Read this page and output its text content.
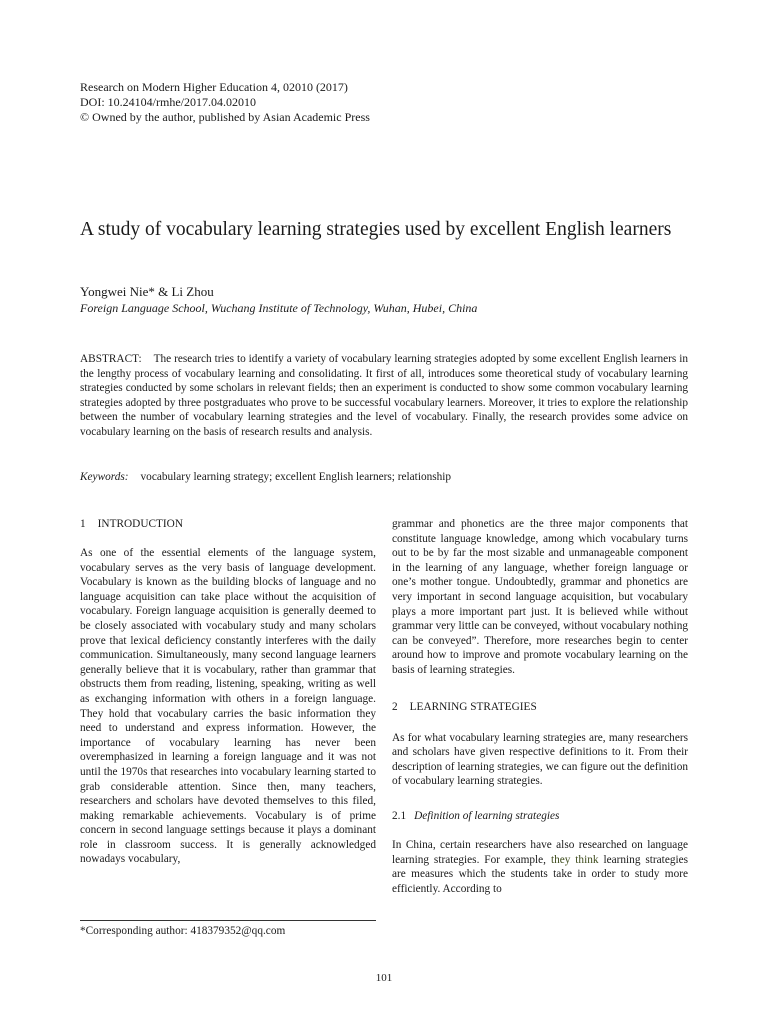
Research on Modern Higher Education 4, 02010 (2017)
DOI: 10.24104/rmhe/2017.04.02010
© Owned by the author, published by Asian Academic Press
A study of vocabulary learning strategies used by excellent English learners
Yongwei Nie* & Li Zhou
Foreign Language School, Wuchang Institute of Technology, Wuhan, Hubei, China

ABSTRACT: The research tries to identify a variety of vocabulary learning strategies adopted by some excellent English learners in the lengthy process of vocabulary learning and consolidating. It first of all, introduces some theoretical study of vocabulary learning strategies conducted by some scholars in relevant fields; then an experiment is conducted to show some common vocabulary learning strategies adopted by three postgraduates who prove to be successful vocabulary learners. Moreover, it tries to explore the relationship between the number of vocabulary learning strategies and the level of vocabulary. Finally, the research provides some advice on vocabulary learning on the basis of research results and analysis.

Keywords: vocabulary learning strategy; excellent English learners; relationship
1 INTRODUCTION

As one of the essential elements of the language system, vocabulary serves as the very basis of language development. Vocabulary is known as the building blocks of language and no language acquisition can take place without the acquisition of vocabulary. Foreign language acquisition is generally deemed to be closely associated with vocabulary study and many scholars prove that lexical deficiency constantly interferes with the daily communication. Simultaneously, many second language learners generally believe that it is vocabulary, rather than grammar that obstructs them from reading, listening, speaking, writing as well as exchanging information with others in a foreign language. They hold that vocabulary carries the basic information they need to understand and express information. However, the importance of vocabulary learning has never been overemphasized in learning a foreign language and it was not until the 1970s that researches into vocabulary learning started to grab considerable attention. Since then, many teachers, researchers and scholars have devoted themselves to this filed, making remarkable achievements. Vocabulary is of prime concern in second language settings because it plays a dominant role in classroom success. It is generally acknowledged nowadays vocabulary,

grammar and phonetics are the three major components that constitute language knowledge, among which vocabulary turns out to be by far the most sizable and unmanageable component in the learning of any language, whether foreign language or one’s mother tongue. Undoubtedly, grammar and phonetics are very important in second language acquisition, but vocabulary plays a more important part just. It is believed while without grammar very little can be conveyed, without vocabulary nothing can be conveyed”. Therefore, more researches begin to center around how to improve and promote vocabulary learning on the basis of learning strategies.

2 LEARNING STRATEGIES

As for what vocabulary learning strategies are, many researchers and scholars have given respective definitions to it. From their description of learning strategies, we can figure out the definition of vocabulary learning strategies.

2.1 Definition of learning strategies

In China, certain researchers have also researched on language learning strategies. For example, they think learning strategies are measures which the students take in order to study more efficiently. According to

*Corresponding author: 418379352@qq.com
101
